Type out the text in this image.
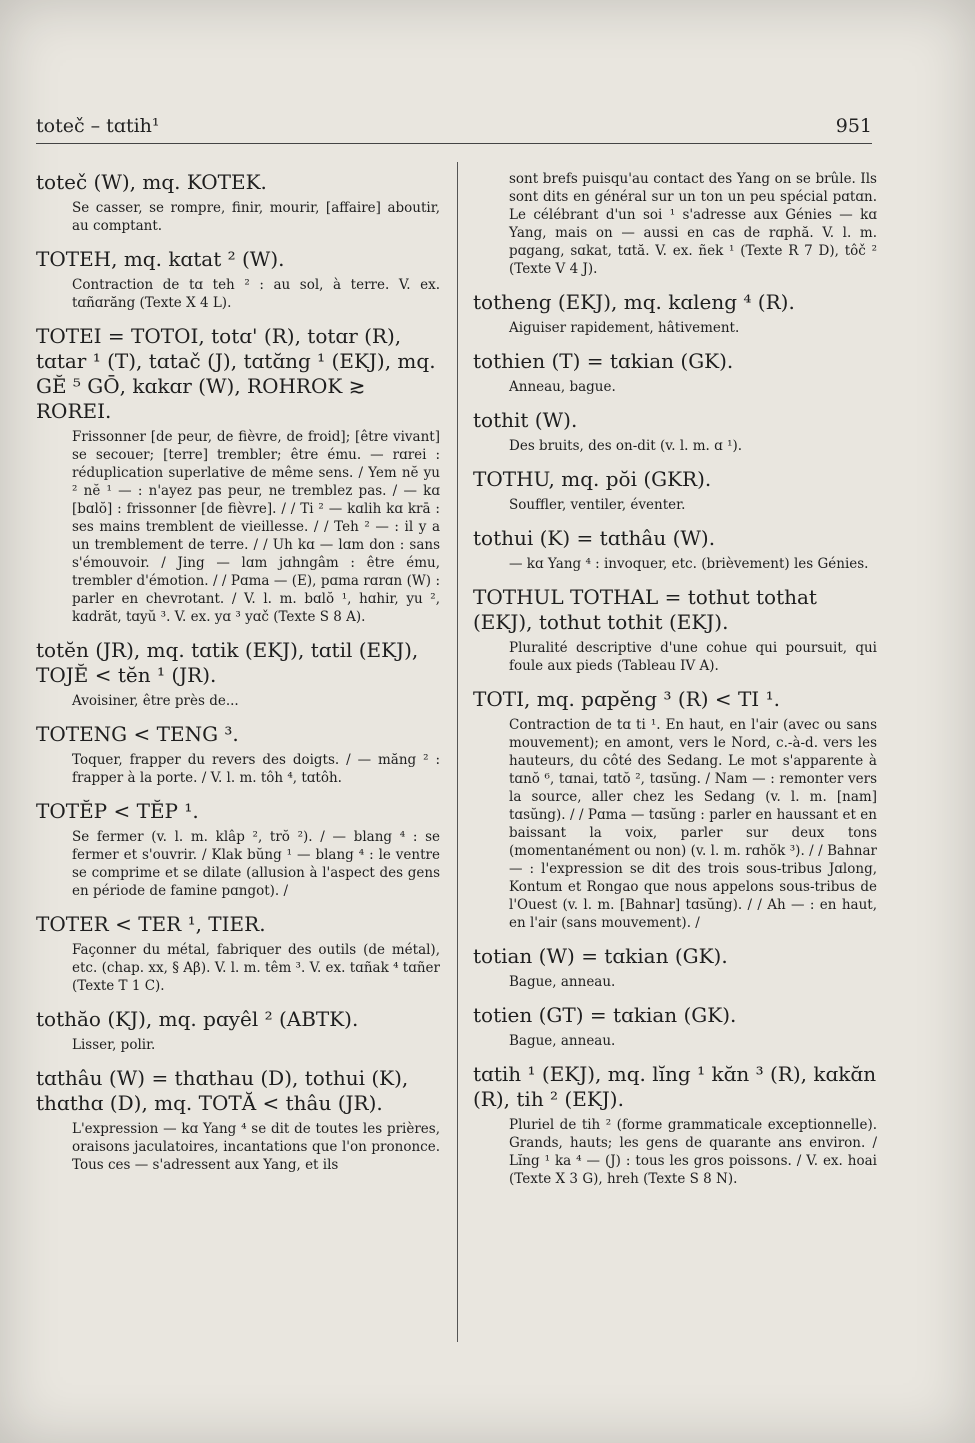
totеč – tɑtih¹	951
totеč (W), mq. KOTEK.
Se casser, se rompre, finir, mourir, [affaire] aboutir, au comptant.
TOTEH, mq. kɑtat ² (W).
Contraction de tɑ teh ² : au sol, à terre. V. ex. tɑñɑrăng (Texte X 4 L).
TOTEI = TOTOI, totɑ' (R), totɑr (R), tɑtar ¹ (T), tɑtač (J), tɑtɑ̆ng ¹ (EKJ), mq. GĔ ⁵ GŌ, kɑkɑr (W), ROHROK ≳ ROREI.
Frissonner [de peur, de fièvre, de froid]; [être vivant] se secouer; [terre] trembler; être ému. — rɑrei : réduplication superlative de même sens. / Yem nĕ yu ² nĕ ¹ — : n'ayez pas peur, ne tremblez pas. / — kɑ [bɑlŏ] : frissonner [de fièvre]. / / Ti ² — kɑlih kɑ krā : ses mains tremblent de vieillesse. / / Teh ² — : il y a un tremblement de terre. / / Uh kɑ — lɑm don : sans s'émouvoir. / Jing — lɑm jɑhngâm : être ému, trembler d'émotion. / / Pɑma — (E), pɑma rɑrɑn (W) : parler en chevrotant. / V. l. m. bɑlŏ ¹, hɑhir, yu ², kɑdrăt, tɑyŭ ³. V. ex. yɑ ³ yɑč (Texte S 8 A).
totĕn (JR), mq. tɑtik (EKJ), tɑtil (EKJ), TOJĔ < tĕn ¹ (JR).
Avoisiner, être près de...
TOTENG < TENG ³.
Toquer, frapper du revers des doigts. / — măng ² : frapper à la porte. / V. l. m. tôh ⁴, tɑtôh.
TOTĔP < TĔP ¹.
Se fermer (v. l. m. klâp ², trŏ ²). / — blang ⁴ : se fermer et s'ouvrir. / Klak bŭng ¹ — blang ⁴ : le ventre se comprime et se dilate (allusion à l'aspect des gens en période de famine pɑngot). /
TOTER < TER ¹, TIER.
Façonner du métal, fabriquer des outils (de métal), etc. (chap. xx, § Aβ). V. l. m. têm ³. V. ex. tɑñak ⁴ tɑñer (Texte T 1 C).
tothăo (KJ), mq. pɑyêl ² (ABTK).
Lisser, polir.
tɑthâu (W) = thɑthau (D), tothui (K), thɑthɑ (D), mq. TOTĂ < thâu (JR).
L'expression — kɑ Yang ⁴ se dit de toutes les prières, oraisons jaculatoires, incantations que l'on prononce. Tous ces — s'adressent aux Yang, et ils
sont brefs puisqu'au contact des Yang on se brûle. Ils sont dits en général sur un ton un peu spécial pɑtɑn. Le célébrant d'un soi ¹ s'adresse aux Génies — kɑ Yang, mais on — aussi en cas de rɑphă. V. l. m. pɑgang, sɑkat, tɑtă. V. ex. ñek ¹ (Texte R 7 D), tôč ² (Texte V 4 J).
totheng (EKJ), mq. kɑleng ⁴ (R).
Aiguiser rapidement, hâtivement.
tothien (T) = tɑkian (GK).
Anneau, bague.
tothit (W).
Des bruits, des on-dit (v. l. m. ɑ ¹).
TOTHU, mq. pŏi (GKR).
Souffler, ventiler, éventer.
tothui (K) = tɑthâu (W).
— kɑ Yang ⁴ : invoquer, etc. (brièvement) les Génies.
TOTHUL TOTHAL = tothut tothat (EKJ), tothut tothit (EKJ).
Pluralité descriptive d'une cohue qui poursuit, qui foule aux pieds (Tableau IV A).
TOTI, mq. pɑpĕng ³ (R) < TI ¹.
Contraction de tɑ ti ¹. En haut, en l'air (avec ou sans mouvement); en amont, vers le Nord, c.-à-d. vers les hauteurs, du côté des Sedang. Le mot s'apparente à tɑnŏ ⁶, tɑnai, tɑtŏ ², tɑsŭng. / Nam — : remonter vers la source, aller chez les Sedang (v. l. m. [nam] tɑsŭng). / / Pɑma — tɑsŭng : parler en haussant et en baissant la voix, parler sur deux tons (momentanément ou non) (v. l. m. rɑhŏk ³). / / Bahnar — : l'expression se dit des trois sous-tribus Jɑlong, Kontum et Rongao que nous appelons sous-tribus de l'Ouest (v. l. m. [Bahnar] tɑsŭng). / / Ah — : en haut, en l'air (sans mouvement). /
totian (W) = tɑkian (GK).
Bague, anneau.
totien (GT) = tɑkian (GK).
Bague, anneau.
tɑtih ¹ (EKJ), mq. lĭng ¹ kɑ̆n ³ (R), kɑkɑ̆n (R), tih ² (EKJ).
Pluriel de tih ² (forme grammaticale exceptionnelle). Grands, hauts; les gens de quarante ans environ. / Lĭng ¹ ka ⁴ — (J) : tous les gros poissons. / V. ex. hoai (Texte X 3 G), hreh (Texte S 8 N).
